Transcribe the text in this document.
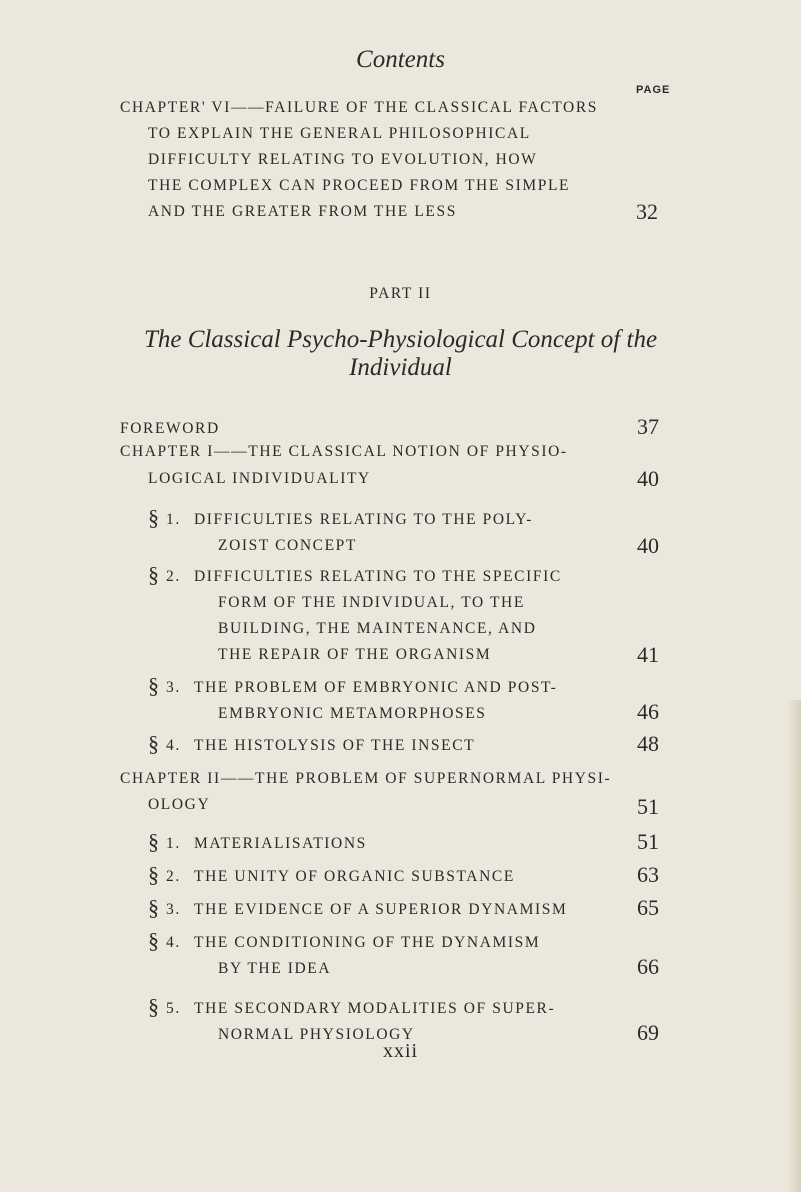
Contents
PAGE
CHAPTER' VI——FAILURE OF THE CLASSICAL FACTORS
TO EXPLAIN THE GENERAL PHILOSOPHICAL
DIFFICULTY RELATING TO EVOLUTION, HOW
THE COMPLEX CAN PROCEED FROM THE SIMPLE
AND THE GREATER FROM THE LESS	32
PART II
The Classical Psycho-Physiological Concept of the
Individual
FOREWORD	37
CHAPTER I——THE CLASSICAL NOTION OF PHYSIO-
LOGICAL INDIVIDUALITY	40
§ 1. DIFFICULTIES RELATING TO THE POLY-
ZOIST CONCEPT	40
§ 2. DIFFICULTIES RELATING TO THE SPECIFIC
FORM OF THE INDIVIDUAL, TO THE
BUILDING, THE MAINTENANCE, AND
THE REPAIR OF THE ORGANISM	41
§ 3. THE PROBLEM OF EMBRYONIC AND POST-
EMBRYONIC METAMORPHOSES	46
§ 4. THE HISTOLYSIS OF THE INSECT	48
CHAPTER II——THE PROBLEM OF SUPERNORMAL PHYSI-
OLOGY	51
§ 1. MATERIALISATIONS	51
§ 2. THE UNITY OF ORGANIC SUBSTANCE	63
§ 3. THE EVIDENCE OF A SUPERIOR DYNAMISM	65
§ 4. THE CONDITIONING OF THE DYNAMISM
BY THE IDEA	66
§ 5. THE SECONDARY MODALITIES OF SUPER-
NORMAL PHYSIOLOGY	69
xxii
